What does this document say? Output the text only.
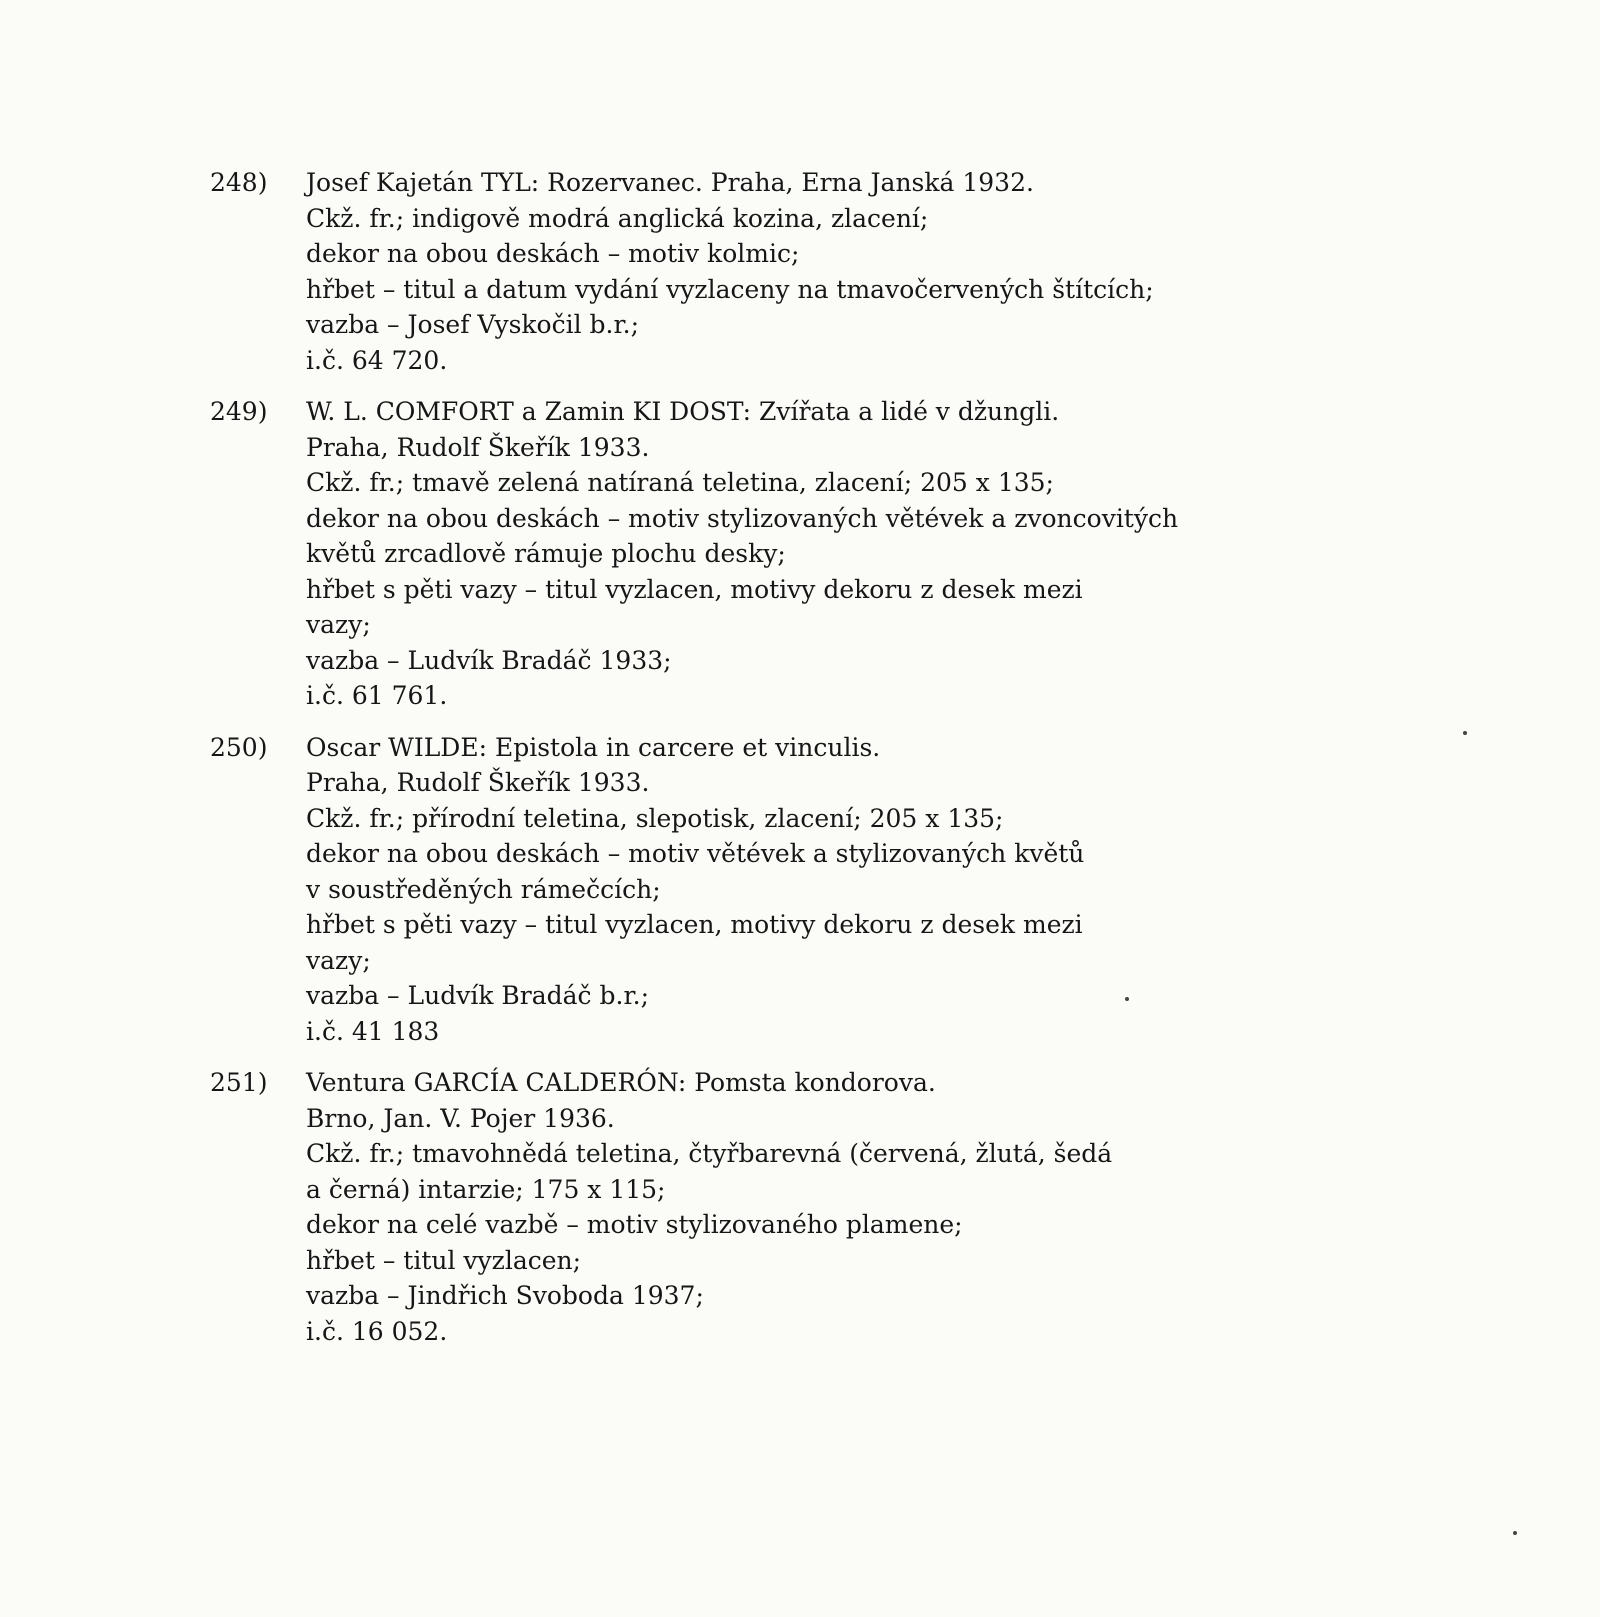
248)	Josef Kajetán TYL: Rozervanec. Praha, Erna Janská 1932.
Ckž. fr.; indigově modrá anglická kozina, zlacení;
dekor na obou deskách – motiv kolmic;
hřbet – titul a datum vydání vyzlaceny na tmavočervených štítcích;
vazba – Josef Vyskočil b.r.;
i.č. 64 720.
249)	W. L. COMFORT a Zamin KI DOST: Zvířata a lidé v džungli.
Praha, Rudolf Škeřík 1933.
Ckž. fr.; tmavě zelená natíraná teletina, zlacení; 205 x 135;
dekor na obou deskách – motiv stylizovaných větévek a zvoncovitých
květů zrcadlově rámuje plochu desky;
hřbet s pěti vazy – titul vyzlacen, motivy dekoru z desek mezi
vazy;
vazba – Ludvík Bradáč 1933;
i.č. 61 761.
250)	Oscar WILDE: Epistola in carcere et vinculis.
Praha, Rudolf Škeřík 1933.
Ckž. fr.; přírodní teletina, slepotisk, zlacení; 205 x 135;
dekor na obou deskách – motiv větévek a stylizovaných květů
v soustředěných rámečcích;
hřbet s pěti vazy – titul vyzlacen, motivy dekoru z desek mezi
vazy;
vazba – Ludvík Bradáč b.r.;
i.č. 41 183
251)	Ventura GARCÍA CALDERÓN: Pomsta kondorova.
Brno, Jan. V. Pojer 1936.
Ckž. fr.; tmavohnědá teletina, čtyřbarevná (červená, žlutá, šedá
a černá) intarzie; 175 x 115;
dekor na celé vazbě – motiv stylizovaného plamene;
hřbet – titul vyzlacen;
vazba – Jindřich Svoboda 1937;
i.č. 16 052.
